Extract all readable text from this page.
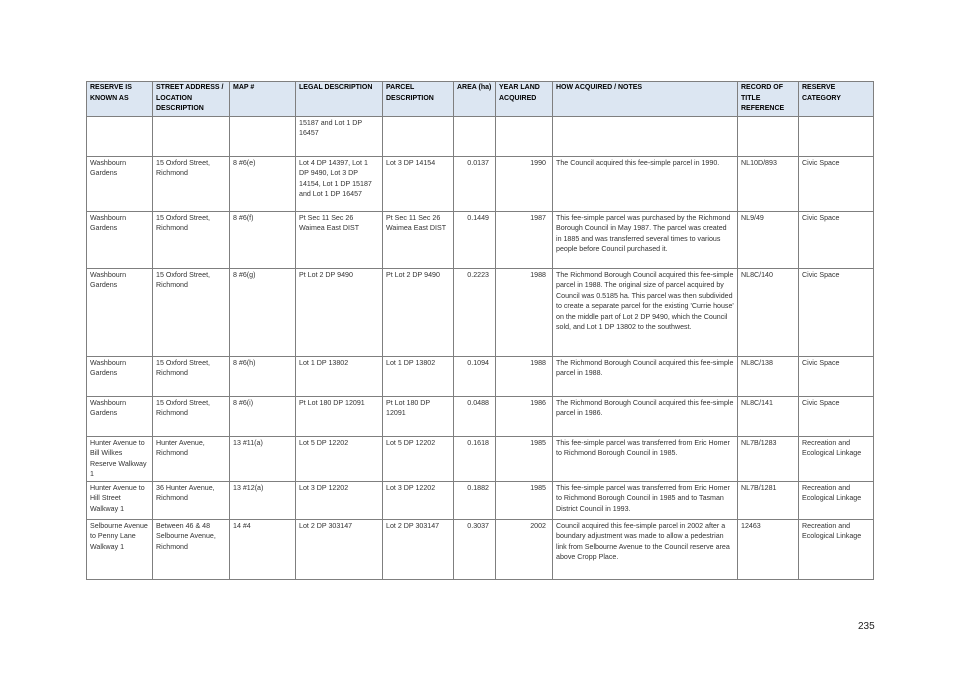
RESERVE IS KNOWN AS	STREET ADDRESS / LOCATION DESCRIPTION	MAP #	LEGAL DESCRIPTION	PARCEL DESCRIPTION	AREA (ha)	YEAR LAND ACQUIRED	HOW ACQUIRED / NOTES	RECORD OF TITLE REFERENCE	RESERVE CATEGORY
			15187 and Lot 1 DP 16457						
Washbourn Gardens	15 Oxford Street, Richmond	8 #6(e)	Lot 4 DP 14397, Lot 1 DP 9490, Lot 3 DP 14154, Lot 1 DP 15187 and Lot 1 DP 16457	Lot 3 DP 14154	0.0137	1990	The Council acquired this fee-simple parcel in 1990.	NL10D/893	Civic Space
Washbourn Gardens	15 Oxford Street, Richmond	8 #6(f)	Pt Sec 11 Sec 26 Waimea East DIST	Pt Sec 11 Sec 26 Waimea East DIST	0.1449	1987	This fee-simple parcel was purchased by the Richmond Borough Council in May 1987. The parcel was created in 1885 and was transferred several times to various people before Council purchased it.	NL9/49	Civic Space
Washbourn Gardens	15 Oxford Street, Richmond	8 #6(g)	Pt Lot 2 DP 9490	Pt Lot 2 DP 9490	0.2223	1988	The Richmond Borough Council acquired this fee-simple parcel in 1988. The original size of parcel acquired by Council was 0.5185 ha. This parcel was then subdivided to create a separate parcel for the existing 'Currie house' on the middle part of Lot 2 DP 9490, which the Council sold, and Lot 1 DP 13802 to the southwest.	NL8C/140	Civic Space
Washbourn Gardens	15 Oxford Street, Richmond	8 #6(h)	Lot 1 DP 13802	Lot 1 DP 13802	0.1094	1988	The Richmond Borough Council acquired this fee-simple parcel in 1988.	NL8C/138	Civic Space
Washbourn Gardens	15 Oxford Street, Richmond	8 #6(i)	Pt Lot 180 DP 12091	Pt Lot 180 DP 12091	0.0488	1986	The Richmond Borough Council acquired this fee-simple parcel in 1986.	NL8C/141	Civic Space
Hunter Avenue to Bill Wilkes Reserve Walkway 1	Hunter Avenue, Richmond	13 #11(a)	Lot 5 DP 12202	Lot 5 DP 12202	0.1618	1985	This fee-simple parcel was transferred from Eric Homer to Richmond Borough Council in 1985.	NL7B/1283	Recreation and Ecological Linkage
Hunter Avenue to Hill Street Walkway 1	36 Hunter Avenue, Richmond	13 #12(a)	Lot 3 DP 12202	Lot 3 DP 12202	0.1882	1985	This fee-simple parcel was transferred from Eric Homer to Richmond Borough Council in 1985 and to Tasman District Council in 1993.	NL7B/1281	Recreation and Ecological Linkage
Selbourne Avenue to Penny Lane Walkway 1	Between 46 & 48 Selbourne Avenue, Richmond	14 #4	Lot 2 DP 303147	Lot 2 DP 303147	0.3037	2002	Council acquired this fee-simple parcel in 2002 after a boundary adjustment was made to allow a pedestrian link from Selbourne Avenue to the Council reserve area above Cropp Place.	12463	Recreation and Ecological Linkage
235
